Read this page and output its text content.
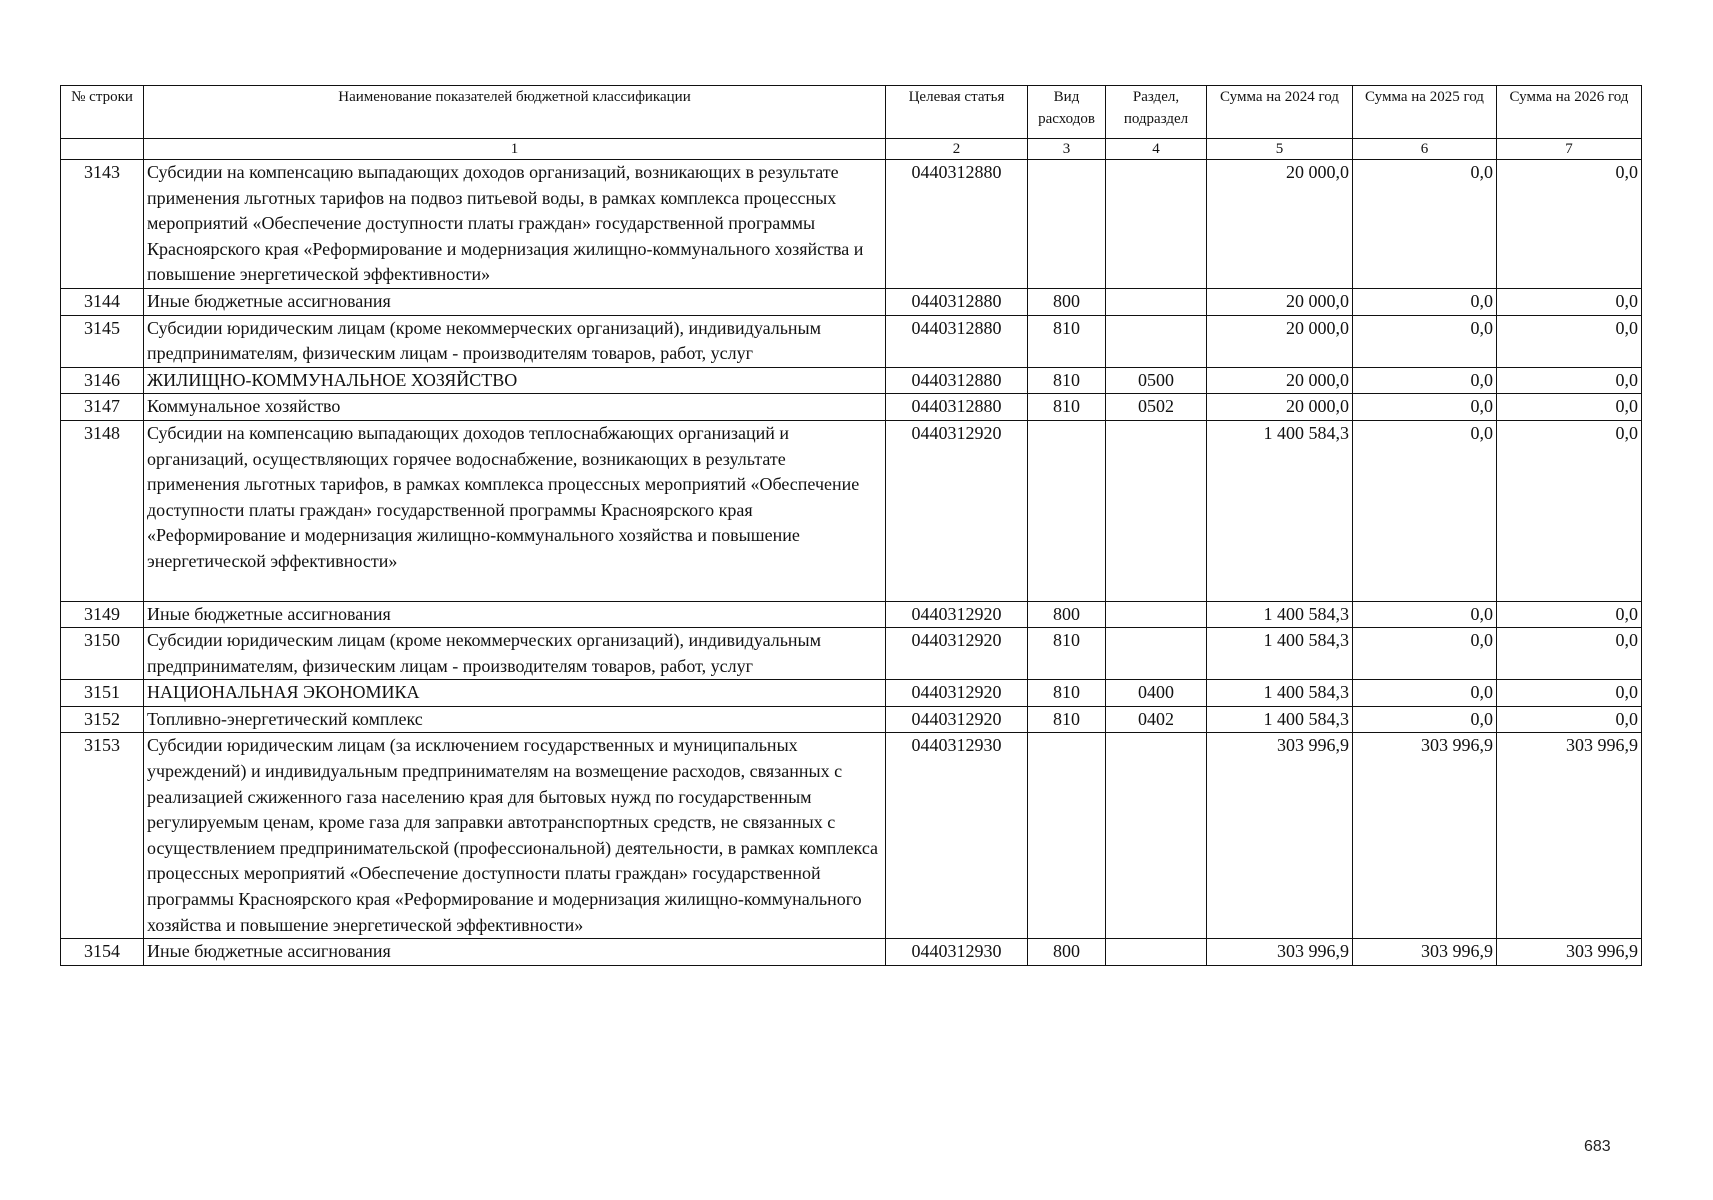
№ строки	Наименование показателей бюджетной классификации	Целевая статья	Вид расходов	Раздел, подраздел	Сумма на 2024 год	Сумма на 2025 год	Сумма на 2026 год
	1	2	3	4	5	6	7
3143	Субсидии на компенсацию выпадающих доходов организаций, возникающих в результате применения льготных тарифов на подвоз питьевой воды, в рамках комплекса процессных мероприятий «Обеспечение доступности платы граждан» государственной программы Красноярского края «Реформирование и модернизация жилищно-коммунального хозяйства и повышение энергетической эффективности»	0440312880			20 000,0	0,0	0,0
3144	Иные бюджетные ассигнования	0440312880	800		20 000,0	0,0	0,0
3145	Субсидии юридическим лицам (кроме некоммерческих организаций), индивидуальным предпринимателям, физическим лицам - производителям товаров, работ, услуг	0440312880	810		20 000,0	0,0	0,0
3146	ЖИЛИЩНО-КОММУНАЛЬНОЕ ХОЗЯЙСТВО	0440312880	810	0500	20 000,0	0,0	0,0
3147	Коммунальное хозяйство	0440312880	810	0502	20 000,0	0,0	0,0
3148	Субсидии на компенсацию выпадающих доходов теплоснабжающих организаций и организаций, осуществляющих горячее водоснабжение, возникающих в результате применения льготных тарифов, в рамках комплекса процессных мероприятий «Обеспечение доступности платы граждан» государственной программы Красноярского края «Реформирование и модернизация жилищно-коммунального хозяйства и повышение энергетической эффективности»	0440312920			1 400 584,3	0,0	0,0
3149	Иные бюджетные ассигнования	0440312920	800		1 400 584,3	0,0	0,0
3150	Субсидии юридическим лицам (кроме некоммерческих организаций), индивидуальным предпринимателям, физическим лицам - производителям товаров, работ, услуг	0440312920	810		1 400 584,3	0,0	0,0
3151	НАЦИОНАЛЬНАЯ ЭКОНОМИКА	0440312920	810	0400	1 400 584,3	0,0	0,0
3152	Топливно-энергетический комплекс	0440312920	810	0402	1 400 584,3	0,0	0,0
3153	Субсидии юридическим лицам (за исключением государственных и муниципальных учреждений) и индивидуальным предпринимателям на возмещение расходов, связанных с реализацией сжиженного газа населению края для бытовых нужд по государственным регулируемым ценам, кроме газа для заправки автотранспортных средств, не связанных с осуществлением предпринимательской (профессиональной) деятельности, в рамках комплекса процессных мероприятий «Обеспечение доступности платы граждан» государственной программы Красноярского края «Реформирование и модернизация жилищно-коммунального хозяйства и повышение энергетической эффективности»	0440312930			303 996,9	303 996,9	303 996,9
3154	Иные бюджетные ассигнования	0440312930	800		303 996,9	303 996,9	303 996,9
683
